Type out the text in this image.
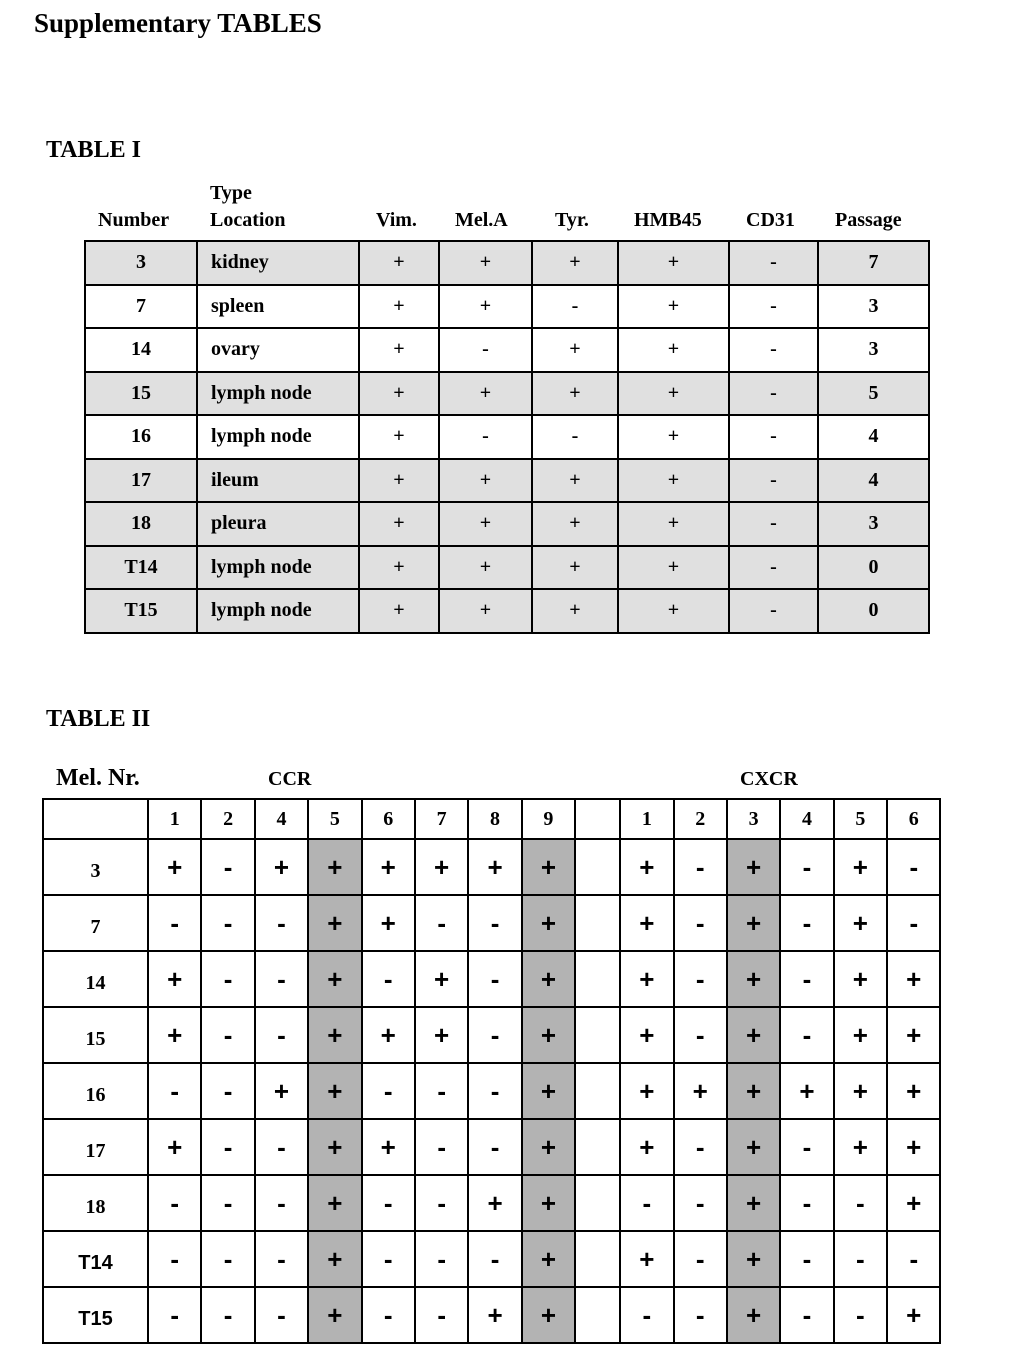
Supplementary TABLES
TABLE I
Number
Type
Location	Vim. Mel.A Tyr. HMB45 CD31 Passage
3	kidney	+	+	+	+	-	7
7	spleen	+	+	-	+	-	3
14	ovary	+	-	+	+	-	3
15	lymph node	+	+	+	+	-	5
16	lymph node	+	-	-	+	-	4
17	ileum	+	+	+	+	-	4
18	pleura	+	+	+	+	-	3
T14	lymph node	+	+	+	+	-	0
T15	lymph node	+	+	+	+	-	0
TABLE II
Mel. Nr.	CCR	CXCR
	1	2	4	5	6	7	8	9		1	2	3	4	5	6
3	+	-	+	+	+	+	+	+		+	-	+	-	+	-
7	-	-	-	+	+	-	-	+		+	-	+	-	+	-
14	+	-	-	+	-	+	-	+		+	-	+	-	+	+
15	+	-	-	+	+	+	-	+		+	-	+	-	+	+
16	-	-	+	+	-	-	-	+		+	+	+	+	+	+
17	+	-	-	+	+	-	-	+		+	-	+	-	+	+
18	-	-	-	+	-	-	+	+		-	-	+	-	-	+
T14	-	-	-	+	-	-	-	+		+	-	+	-	-	-
T15	-	-	-	+	-	-	+	+		-	-	+	-	-	+
